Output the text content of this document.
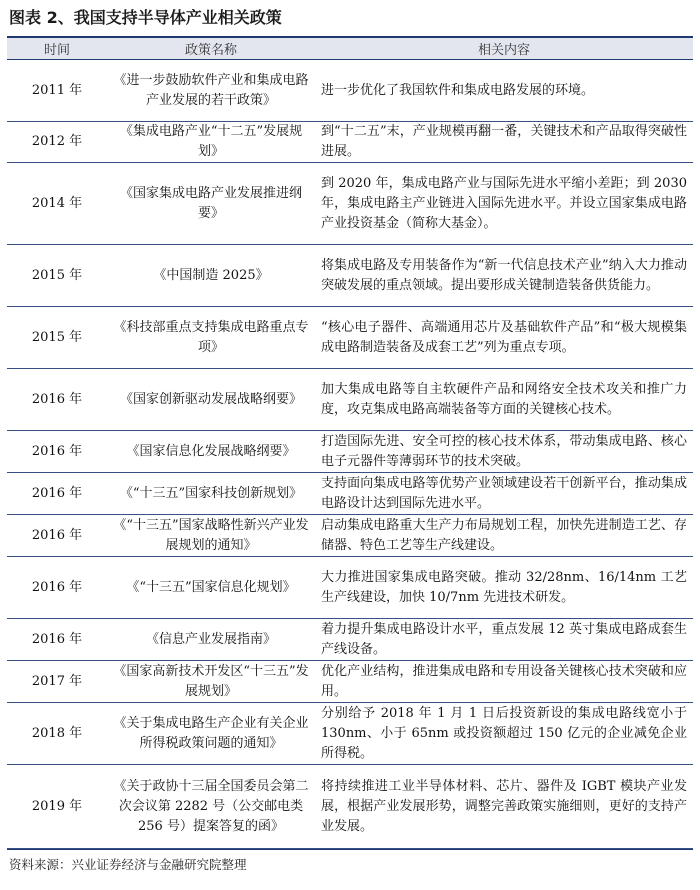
图表 2、我国支持半导体产业相关政策
时间	政策名称	相关内容
2011 年	《进一步鼓励软件产业和集成电路产业发展的若干政策》	进一步优化了我国软件和集成电路发展的环境。
2012 年	《集成电路产业“十二五”发展规划》	到“十二五”末，产业规模再翻一番，关键技术和产品取得突破性进展。
2014 年	《国家集成电路产业发展推进纲要》	到 2020 年，集成电路产业与国际先进水平缩小差距；到 2030 年，集成电路主产业链进入国际先进水平。并设立国家集成电路产业投资基金（简称大基金）。
2015 年	《中国制造 2025》	将集成电路及专用装备作为“新一代信息技术产业”纳入大力推动突破发展的重点领域。提出要形成关键制造装备供货能力。
2015 年	《科技部重点支持集成电路重点专项》	“核心电子器件、高端通用芯片及基础软件产品”和“极大规模集成电路制造装备及成套工艺”列为重点专项。
2016 年	《国家创新驱动发展战略纲要》	加大集成电路等自主软硬件产品和网络安全技术攻关和推广力度，攻克集成电路高端装备等方面的关键核心技术。
2016 年	《国家信息化发展战略纲要》	打造国际先进、安全可控的核心技术体系，带动集成电路、核心电子元器件等薄弱环节的技术突破。
2016 年	《“十三五”国家科技创新规划》	支持面向集成电路等优势产业领域建设若干创新平台，推动集成电路设计达到国际先进水平。
2016 年	《“十三五”国家战略性新兴产业发展规划的通知》	启动集成电路重大生产力布局规划工程，加快先进制造工艺、存储器、特色工艺等生产线建设。
2016 年	《“十三五”国家信息化规划》	大力推进国家集成电路突破。推动 32/28nm、16/14nm 工艺生产线建设，加快 10/7nm 先进技术研发。
2016 年	《信息产业发展指南》	着力提升集成电路设计水平，重点发展 12 英寸集成电路成套生产线设备。
2017 年	《国家高新技术开发区“十三五”发展规划》	优化产业结构，推进集成电路和专用设备关键核心技术突破和应用。
2018 年	《关于集成电路生产企业有关企业所得税政策问题的通知》	分别给予 2018 年 1 月 1 日后投资新设的集成电路线宽小于 130nm、小于 65nm 或投资额超过 150 亿元的企业减免企业所得税。
2019 年	《关于政协十三届全国委员会第二次会议第 2282 号（公交邮电类 256 号）提案答复的函》	将持续推进工业半导体材料、芯片、器件及 IGBT 模块产业发展，根据产业发展形势，调整完善政策实施细则，更好的支持产业发展。
资料来源：兴业证券经济与金融研究院整理
